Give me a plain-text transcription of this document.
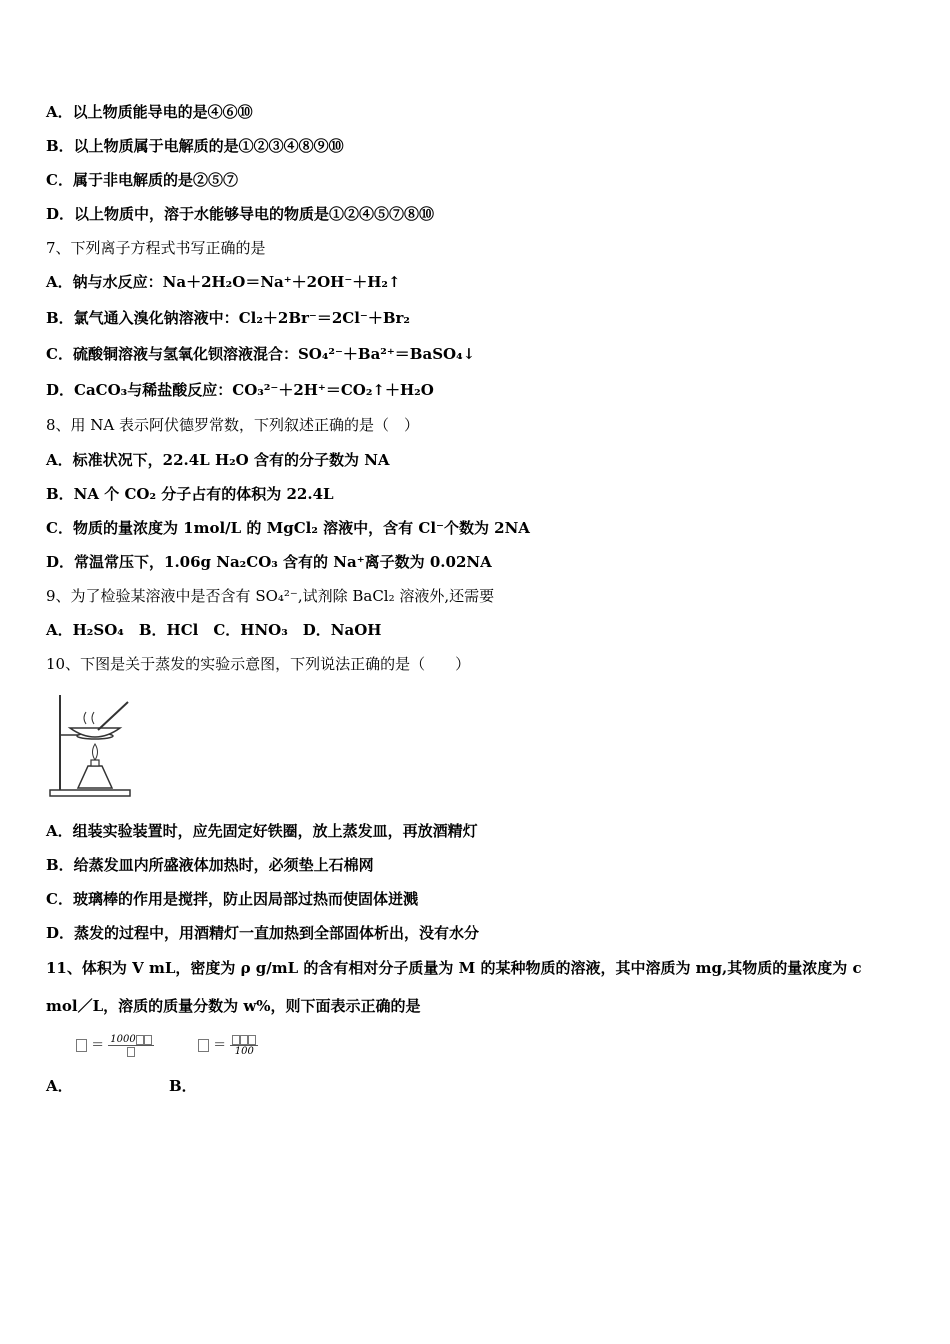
A．以上物质能导电的是④⑥⑩
B．以上物质属于电解质的是①②③④⑧⑨⑩
C．属于非电解质的是②⑤⑦
D．以上物质中，溶于水能够导电的物质是①②④⑤⑦⑧⑩
7、下列离子方程式书写正确的是
A．钠与水反应：Na＋2H₂O＝Na⁺＋2OH⁻＋H₂↑
B．氯气通入溴化钠溶液中：Cl₂＋2Br⁻＝2Cl⁻＋Br₂
C．硫酸铜溶液与氢氧化钡溶液混合：SO₄²⁻＋Ba²⁺＝BaSO₄↓
D．CaCO₃与稀盐酸反应：CO₃²⁻＋2H⁺＝CO₂↑＋H₂O
8、用 NA 表示阿伏德罗常数，下列叙述正确的是（　）
A．标准状况下，22.4L H₂O 含有的分子数为 NA
B．NA 个 CO₂ 分子占有的体积为 22.4L
C．物质的量浓度为 1mol/L 的 MgCl₂ 溶液中，含有 Cl⁻个数为 2NA
D．常温常压下，1.06g Na₂CO₃ 含有的 Na⁺离子数为 0.02NA
9、为了检验某溶液中是否含有 SO₄²⁻,试剂除 BaCl₂ 溶液外,还需要
A．H₂SO₄　B．HCl　C．HNO₃　D．NaOH
10、下图是关于蒸发的实验示意图，下列说法正确的是（　　）
A．组装实验装置时，应先固定好铁圈，放上蒸发皿，再放酒精灯
B．给蒸发皿内所盛液体加热时，必须垫上石棉网
C．玻璃棒的作用是搅拌，防止因局部过热而使固体迸溅
D．蒸发的过程中，用酒精灯一直加热到全部固体析出，没有水分
11、体积为 V mL，密度为 ρ g/mL 的含有相对分子质量为 M 的某种物质的溶液，其中溶质为 mg,其物质的量浓度为 c
mol／L，溶质的质量分数为 w%，则下面表示正确的是
＝ 1000	＝ 100
A．	B．
